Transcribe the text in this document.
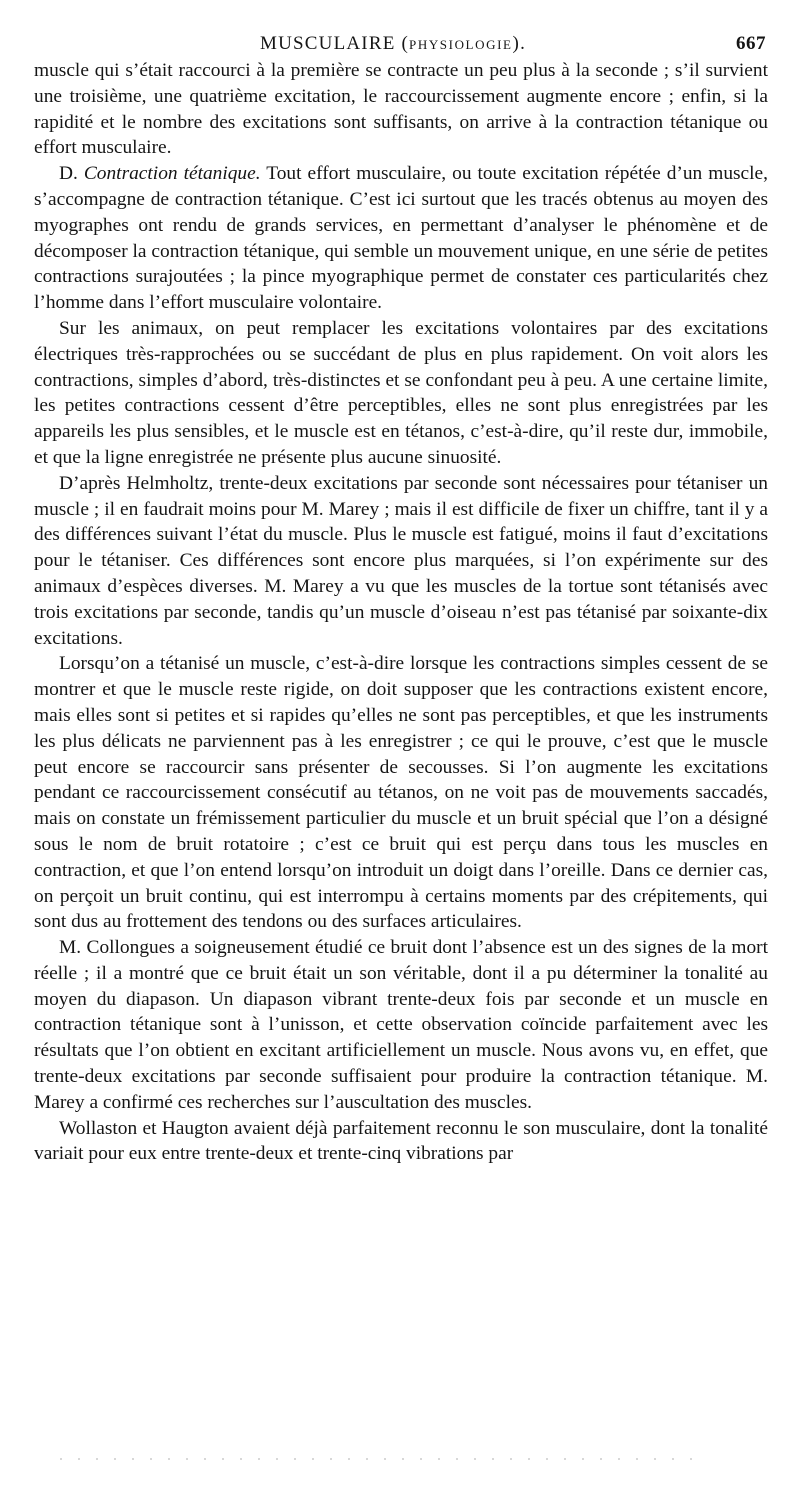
MUSCULAIRE (PHYSIOLOGIE).	667

muscle qui s’était raccourci à la première se contracte un peu plus à la seconde ; s’il survient une troisième, une quatrième excitation, le raccourcissement augmente encore ; enfin, si la rapidité et le nombre des excitations sont suffisants, on arrive à la contraction tétanique ou effort musculaire.

D. Contraction tétanique. Tout effort musculaire, ou toute excitation répétée d’un muscle, s’accompagne de contraction tétanique. C’est ici surtout que les tracés obtenus au moyen des myographes ont rendu de grands services, en permettant d’analyser le phénomène et de décomposer la contraction tétanique, qui semble un mouvement unique, en une série de petites contractions surajoutées ; la pince myographique permet de constater ces particularités chez l’homme dans l’effort musculaire volontaire.

Sur les animaux, on peut remplacer les excitations volontaires par des excitations électriques très-rapprochées ou se succédant de plus en plus rapidement. On voit alors les contractions, simples d’abord, très-distinctes et se confondant peu à peu. A une certaine limite, les petites contractions cessent d’être perceptibles, elles ne sont plus enregistrées par les appareils les plus sensibles, et le muscle est en tétanos, c’est-à-dire, qu’il reste dur, immobile, et que la ligne enregistrée ne présente plus aucune sinuosité.

D’après Helmholtz, trente-deux excitations par seconde sont nécessaires pour tétaniser un muscle ; il en faudrait moins pour M. Marey ; mais il est difficile de fixer un chiffre, tant il y a des différences suivant l’état du muscle. Plus le muscle est fatigué, moins il faut d’excitations pour le tétaniser. Ces différences sont encore plus marquées, si l’on expérimente sur des animaux d’espèces diverses. M. Marey a vu que les muscles de la tortue sont tétanisés avec trois excitations par seconde, tandis qu’un muscle d’oiseau n’est pas tétanisé par soixante-dix excitations.

Lorsqu’on a tétanisé un muscle, c’est-à-dire lorsque les contractions simples cessent de se montrer et que le muscle reste rigide, on doit supposer que les contractions existent encore, mais elles sont si petites et si rapides qu’elles ne sont pas perceptibles, et que les instruments les plus délicats ne parviennent pas à les enregistrer ; ce qui le prouve, c’est que le muscle peut encore se raccourcir sans présenter de secousses. Si l’on augmente les excitations pendant ce raccourcissement consécutif au tétanos, on ne voit pas de mouvements saccadés, mais on constate un frémissement particulier du muscle et un bruit spécial que l’on a désigné sous le nom de bruit rotatoire ; c’est ce bruit qui est perçu dans tous les muscles en contraction, et que l’on entend lorsqu’on introduit un doigt dans l’oreille. Dans ce dernier cas, on perçoit un bruit continu, qui est interrompu à certains moments par des crépitements, qui sont dus au frottement des tendons ou des surfaces articulaires.

M. Collongues a soigneusement étudié ce bruit dont l’absence est un des signes de la mort réelle ; il a montré que ce bruit était un son véritable, dont il a pu déterminer la tonalité au moyen du diapason. Un diapason vibrant trente-deux fois par seconde et un muscle en contraction tétanique sont à l’unisson, et cette observation coïncide parfaitement avec les résultats que l’on obtient en excitant artificiellement un muscle. Nous avons vu, en effet, que trente-deux excitations par seconde suffisaient pour produire la contraction tétanique. M. Marey a confirmé ces recherches sur l’auscultation des muscles.

Wollaston et Haugton avaient déjà parfaitement reconnu le son musculaire, dont la tonalité variait pour eux entre trente-deux et trente-cinq vibrations par
